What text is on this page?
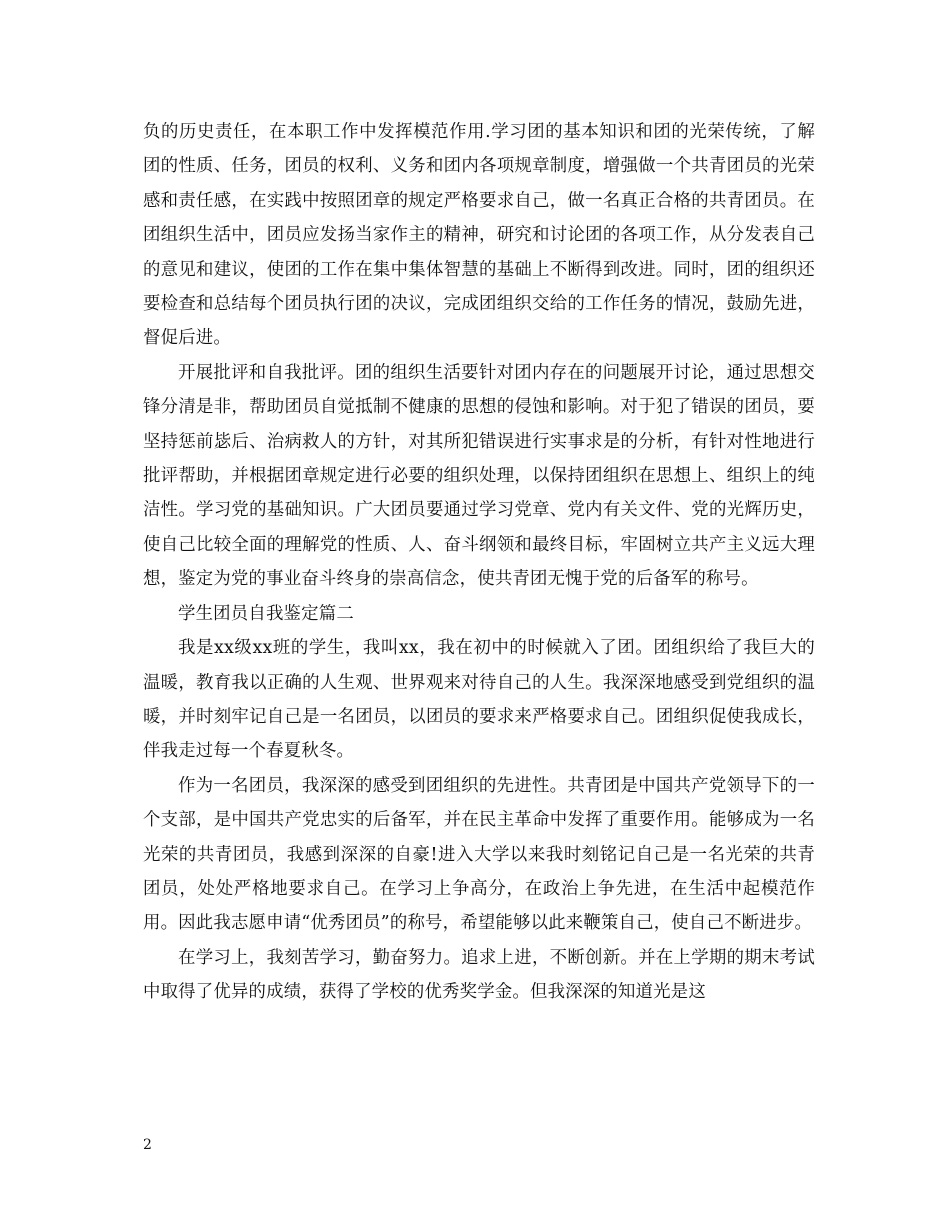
负的历史责任，在本职工作中发挥模范作用.学习团的基本知识和团的光荣传统，了解团的性质、任务，团员的权利、义务和团内各项规章制度，增强做一个共青团员的光荣感和责任感，在实践中按照团章的规定严格要求自己，做一名真正合格的共青团员。在团组织生活中，团员应发扬当家作主的精神，研究和讨论团的各项工作，从分发表自己的意见和建议，使团的工作在集中集体智慧的基础上不断得到改进。同时，团的组织还要检查和总结每个团员执行团的决议，完成团组织交给的工作任务的情况，鼓励先进，督促后进。

开展批评和自我批评。团的组织生活要针对团内存在的问题展开讨论，通过思想交锋分清是非，帮助团员自觉抵制不健康的思想的侵蚀和影响。对于犯了错误的团员，要坚持惩前毖后、治病救人的方针，对其所犯错误进行实事求是的分析，有针对性地进行批评帮助，并根据团章规定进行必要的组织处理，以保持团组织在思想上、组织上的纯洁性。学习党的基础知识。广大团员要通过学习党章、党内有关文件、党的光辉历史，使自己比较全面的理解党的性质、人、奋斗纲领和最终目标，牢固树立共产主义远大理想，鉴定为党的事业奋斗终身的崇高信念，使共青团无愧于党的后备军的称号。

学生团员自我鉴定篇二

我是xx级xx班的学生，我叫xx，我在初中的时候就入了团。团组织给了我巨大的温暖，教育我以正确的人生观、世界观来对待自己的人生。我深深地感受到党组织的温暖，并时刻牢记自己是一名团员，以团员的要求来严格要求自己。团组织促使我成长，伴我走过每一个春夏秋冬。

作为一名团员，我深深的感受到团组织的先进性。共青团是中国共产党领导下的一个支部，是中国共产党忠实的后备军，并在民主革命中发挥了重要作用。能够成为一名光荣的共青团员，我感到深深的自豪!进入大学以来我时刻铭记自己是一名光荣的共青团员，处处严格地要求自己。在学习上争高分，在政治上争先进，在生活中起模范作用。因此我志愿申请“优秀团员”的称号，希望能够以此来鞭策自己，使自己不断进步。

在学习上，我刻苦学习，勤奋努力。追求上进，不断创新。并在上学期的期末考试中取得了优异的成绩，获得了学校的优秀奖学金。但我深深的知道光是这

2
